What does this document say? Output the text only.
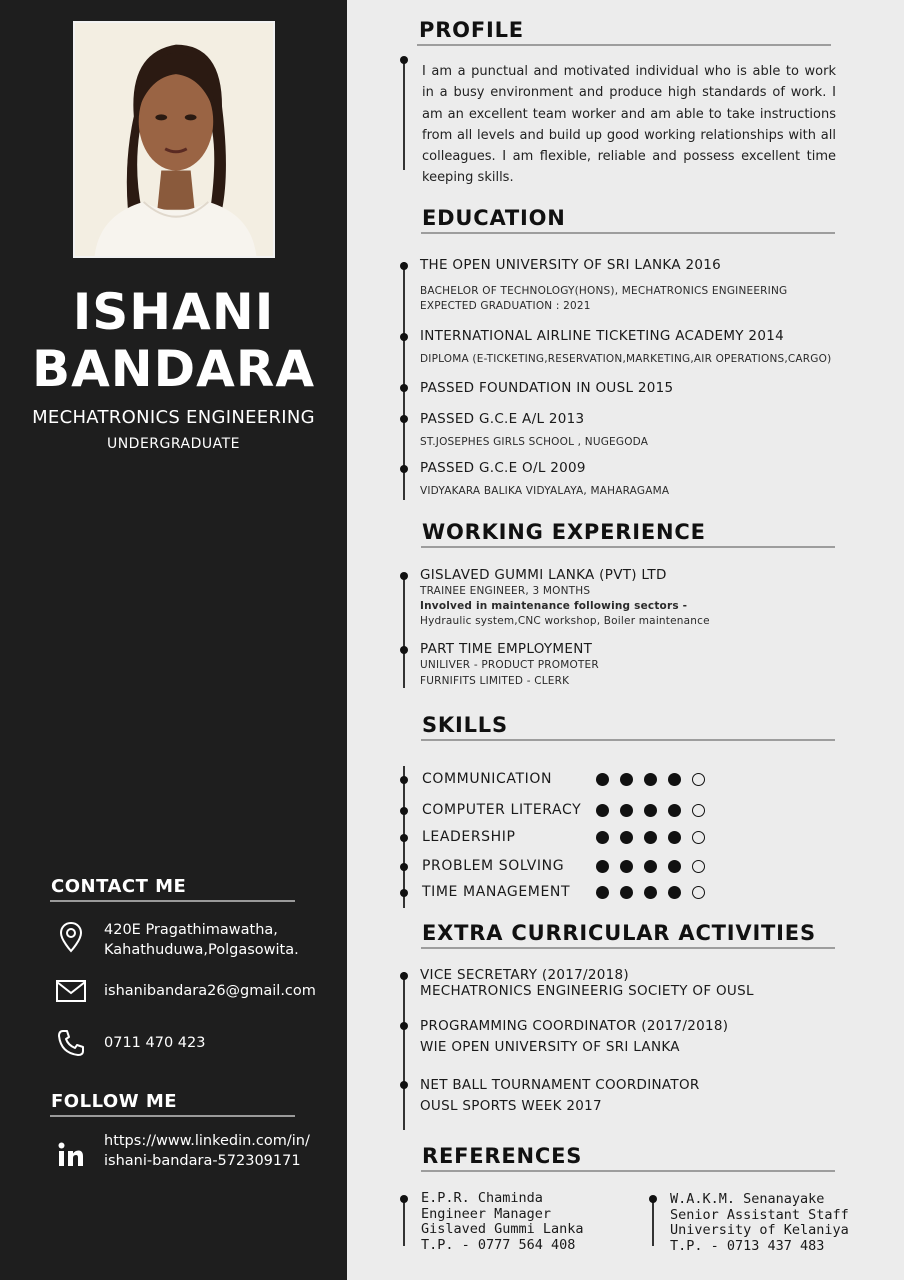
ISHANI
BANDARA
MECHATRONICS ENGINEERING
UNDERGRADUATE
CONTACT ME
420E Pragathimawatha,
Kahathuduwa,Polgasowita.
ishanibandara26@gmail.com
0711 470 423
FOLLOW ME
https://www.linkedin.com/in/
ishani-bandara-572309171
PROFILE
I am a punctual and motivated individual who is able to work in a busy environment and produce high standards of work. I am an excellent team worker and am able to take instructions from all levels and build up good working relationships with all colleagues. I am flexible, reliable and possess excellent time keeping skills.
EDUCATION
THE OPEN UNIVERSITY OF SRI LANKA 2016
BACHELOR OF TECHNOLOGY(HONS), MECHATRONICS ENGINEERING
EXPECTED GRADUATION : 2021
INTERNATIONAL AIRLINE TICKETING ACADEMY 2014
DIPLOMA (E-TICKETING,RESERVATION,MARKETING,AIR OPERATIONS,CARGO)
PASSED FOUNDATION IN OUSL 2015
PASSED G.C.E A/L 2013
ST.JOSEPHES GIRLS SCHOOL , NUGEGODA
PASSED G.C.E O/L 2009
VIDYAKARA BALIKA VIDYALAYA, MAHARAGAMA
WORKING EXPERIENCE
GISLAVED GUMMI LANKA (PVT) LTD
TRAINEE ENGINEER, 3 MONTHS
Involved in maintenance following sectors -
Hydraulic system,CNC workshop, Boiler maintenance
PART TIME EMPLOYMENT
UNILIVER - PRODUCT PROMOTER
FURNIFITS LIMITED - CLERK
SKILLS
COMMUNICATION
COMPUTER LITERACY
LEADERSHIP
PROBLEM SOLVING
TIME MANAGEMENT
EXTRA CURRICULAR ACTIVITIES
VICE SECRETARY (2017/2018)
MECHATRONICS ENGINEERIG SOCIETY OF OUSL
PROGRAMMING COORDINATOR (2017/2018)
WIE OPEN UNIVERSITY OF SRI LANKA
NET BALL TOURNAMENT COORDINATOR
OUSL SPORTS WEEK 2017
REFERENCES
E.P.R. Chaminda
Engineer Manager
Gislaved Gummi Lanka
T.P. - 0777 564 408
W.A.K.M. Senanayake
Senior Assistant Staff
University of Kelaniya
T.P. - 0713 437 483
